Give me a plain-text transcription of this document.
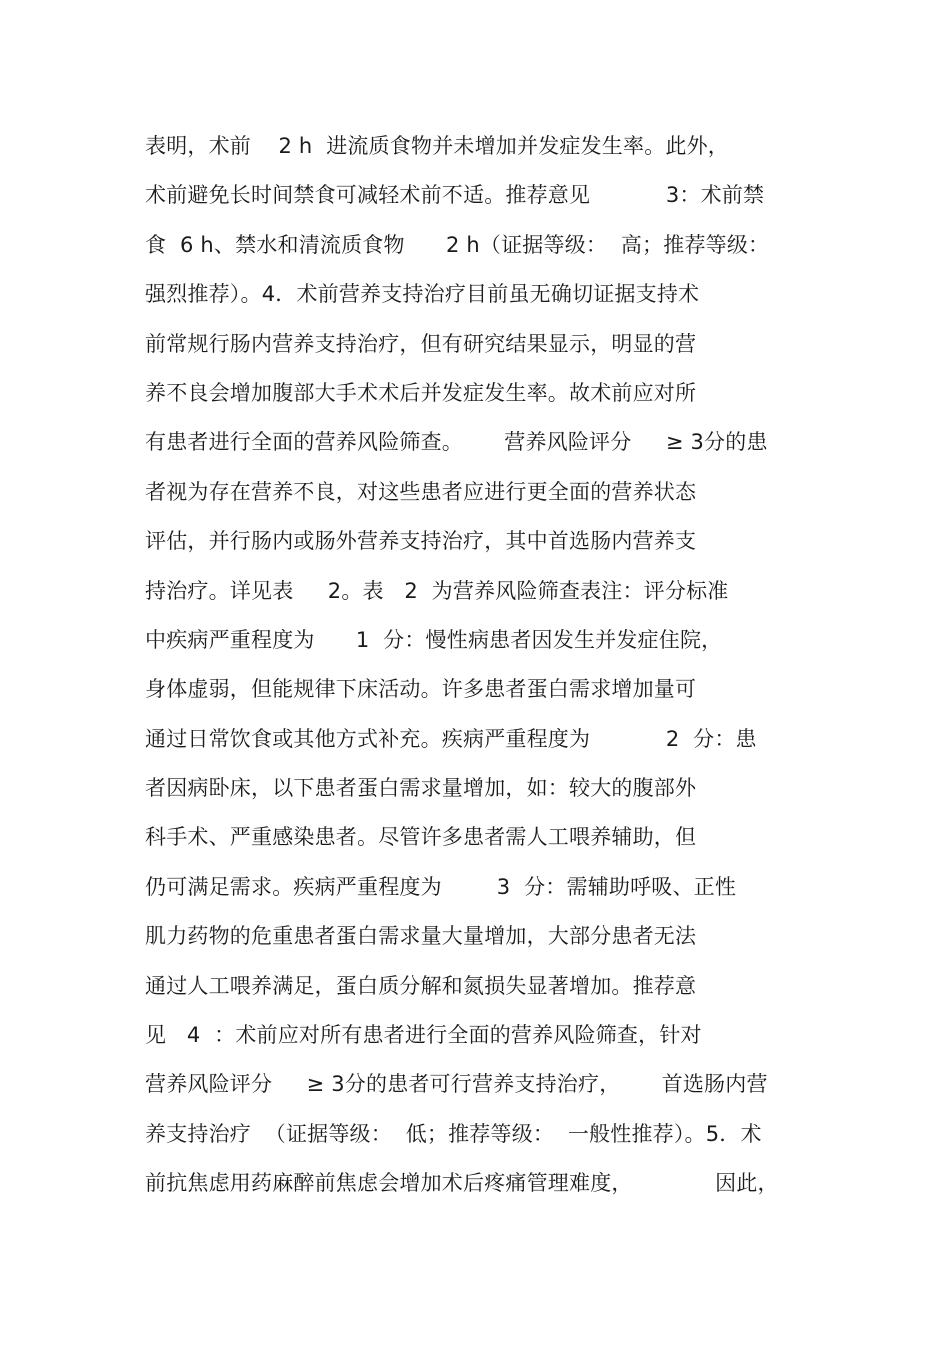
表明，术前    2 h  进流质食物并未增加并发症发生率。此外，
术前避免长时间禁食可减轻术前不适。推荐意见           3：术前禁
食  6 h、禁水和清流质食物      2 h（证据等级：  高；推荐等级：
强烈推荐）。4．术前营养支持治疗目前虽无确切证据支持术
前常规行肠内营养支持治疗，但有研究结果显示，明显的营
养不良会增加腹部大手术术后并发症发生率。故术前应对所
有患者进行全面的营养风险筛查。      营养风险评分     ≥ 3分的患
者视为存在营养不良，对这些患者应进行更全面的营养状态
评估，并行肠内或肠外营养支持治疗，其中首选肠内营养支
持治疗。详见表     2。表   2  为营养风险筛查表注：评分标准
中疾病严重程度为      1  分：慢性病患者因发生并发症住院，
身体虚弱，但能规律下床活动。许多患者蛋白需求增加量可
通过日常饮食或其他方式补充。疾病严重程度为           2  分：患
者因病卧床，以下患者蛋白需求量增加，如：较大的腹部外
科手术、严重感染患者。尽管许多患者需人工喂养辅助，但
仍可满足需求。疾病严重程度为        3  分：需辅助呼吸、正性
肌力药物的危重患者蛋白需求量大量增加，大部分患者无法
通过人工喂养满足，蛋白质分解和氮损失显著增加。推荐意
见   4  ：术前应对所有患者进行全面的营养风险筛查，针对
营养风险评分     ≥ 3分的患者可行营养支持治疗，      首选肠内营
养支持治疗  （证据等级：  低；推荐等级：  一般性推荐）。5．术
前抗焦虑用药麻醉前焦虑会增加术后疼痛管理难度，            因此，
